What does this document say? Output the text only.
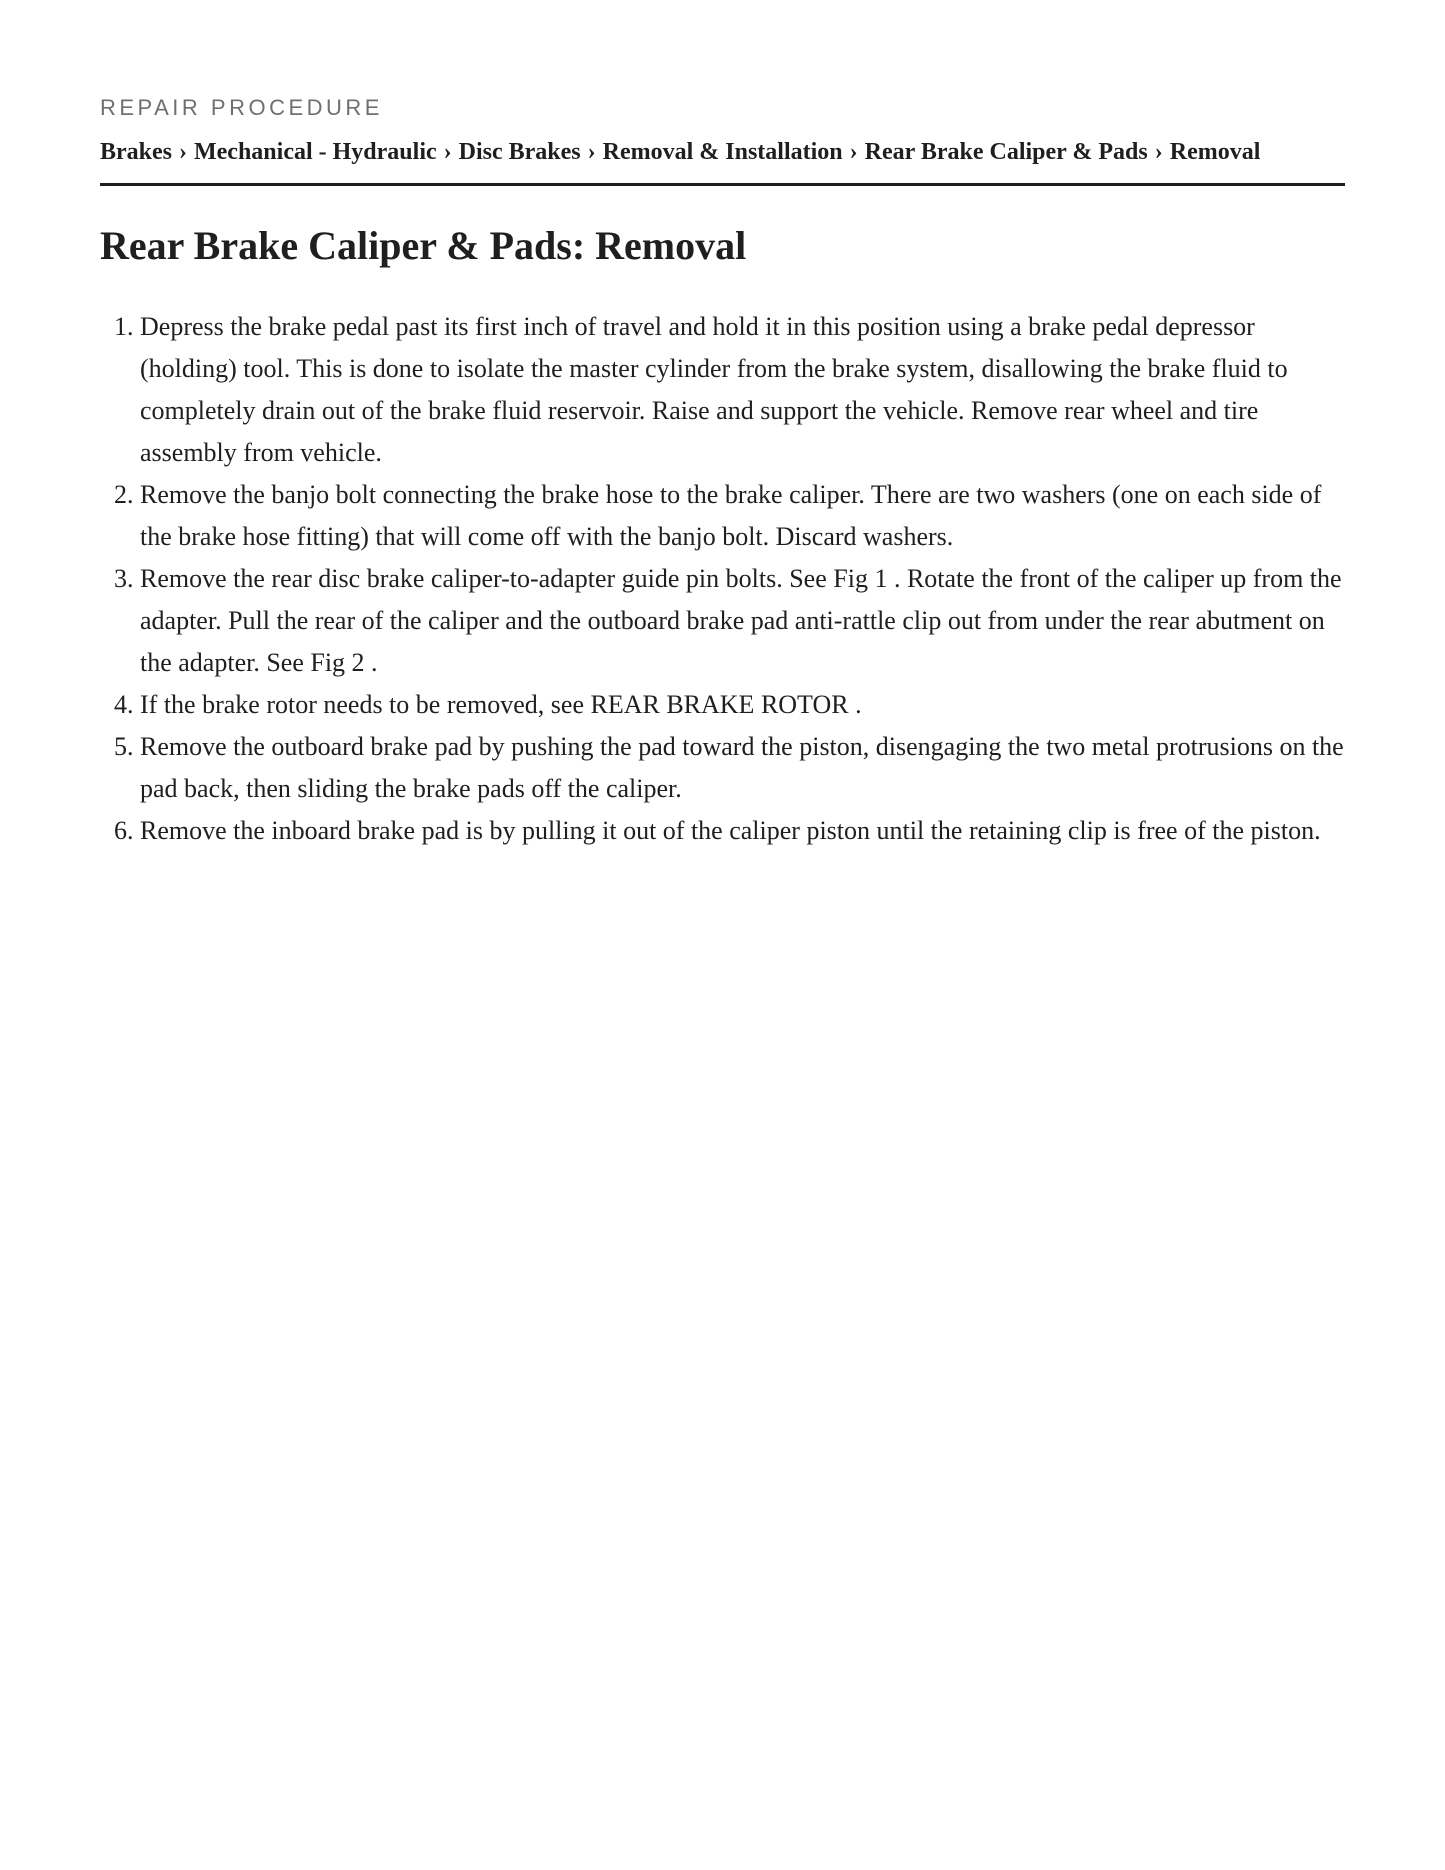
REPAIR PROCEDURE
Brakes › Mechanical - Hydraulic › Disc Brakes › Removal & Installation › Rear Brake Caliper & Pads › Removal
Rear Brake Caliper & Pads: Removal
1. Depress the brake pedal past its first inch of travel and hold it in this position using a brake pedal depressor (holding) tool. This is done to isolate the master cylinder from the brake system, disallowing the brake fluid to completely drain out of the brake fluid reservoir. Raise and support the vehicle. Remove rear wheel and tire assembly from vehicle.
2. Remove the banjo bolt connecting the brake hose to the brake caliper. There are two washers (one on each side of the brake hose fitting) that will come off with the banjo bolt. Discard washers.
3. Remove the rear disc brake caliper-to-adapter guide pin bolts. See Fig 1 . Rotate the front of the caliper up from the adapter. Pull the rear of the caliper and the outboard brake pad anti-rattle clip out from under the rear abutment on the adapter. See Fig 2 .
4. If the brake rotor needs to be removed, see REAR BRAKE ROTOR .
5. Remove the outboard brake pad by pushing the pad toward the piston, disengaging the two metal protrusions on the pad back, then sliding the brake pads off the caliper.
6. Remove the inboard brake pad is by pulling it out of the caliper piston until the retaining clip is free of the piston.
